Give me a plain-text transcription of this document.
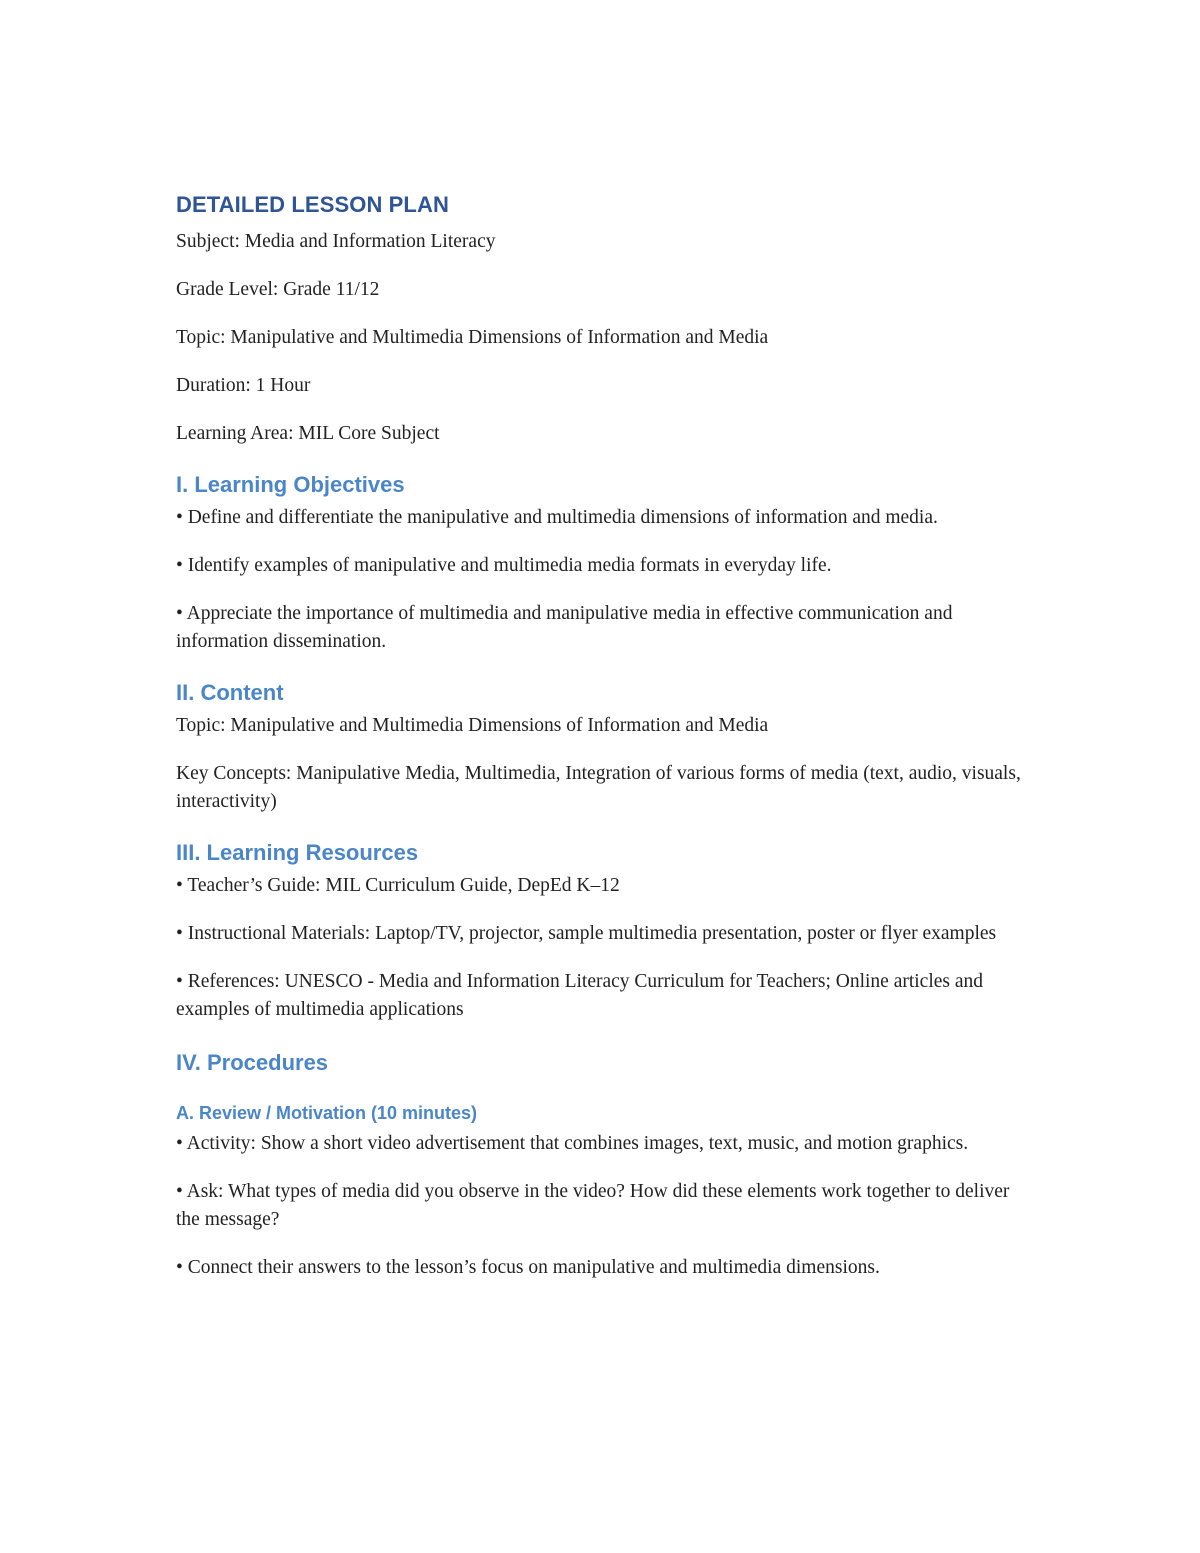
DETAILED LESSON PLAN

Subject: Media and Information Literacy

Grade Level: Grade 11/12

Topic: Manipulative and Multimedia Dimensions of Information and Media

Duration: 1 Hour

Learning Area: MIL Core Subject

I. Learning Objectives

• Define and differentiate the manipulative and multimedia dimensions of information and media.

• Identify examples of manipulative and multimedia media formats in everyday life.

• Appreciate the importance of multimedia and manipulative media in effective communication and information dissemination.

II. Content

Topic: Manipulative and Multimedia Dimensions of Information and Media

Key Concepts: Manipulative Media, Multimedia, Integration of various forms of media (text, audio, visuals, interactivity)

III. Learning Resources

• Teacher’s Guide: MIL Curriculum Guide, DepEd K–12

• Instructional Materials: Laptop/TV, projector, sample multimedia presentation, poster or flyer examples

• References: UNESCO - Media and Information Literacy Curriculum for Teachers; Online articles and examples of multimedia applications

IV. Procedures
A. Review / Motivation (10 minutes)

• Activity: Show a short video advertisement that combines images, text, music, and motion graphics.

• Ask: What types of media did you observe in the video? How did these elements work together to deliver the message?

• Connect their answers to the lesson’s focus on manipulative and multimedia dimensions.
